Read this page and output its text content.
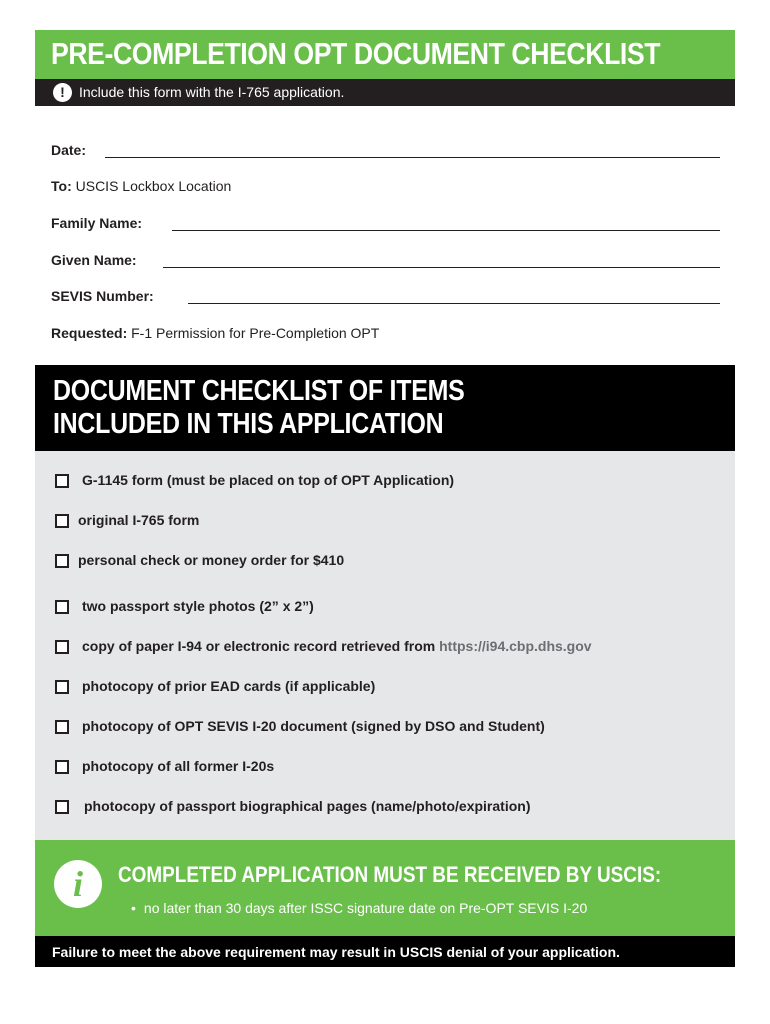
PRE-COMPLETION OPT DOCUMENT CHECKLIST
!	Include this form with the I-765 application.
Date:
To: USCIS Lockbox Location
Family Name:
Given Name:
SEVIS Number:
Requested: F-1 Permission for Pre-Completion OPT
DOCUMENT CHECKLIST OF ITEMS
INCLUDED IN THIS APPLICATION
G-1145 form (must be placed on top of OPT Application)
original I-765 form
personal check or money order for $410
two passport style photos (2” x 2”)
copy of paper I-94 or electronic record retrieved from https://i94.cbp.dhs.gov
photocopy of prior EAD cards (if applicable)
photocopy of OPT SEVIS I-20 document (signed by DSO and Student)
photocopy of all former I-20s
photocopy of passport biographical pages (name/photo/expiration)
i	COMPLETED APPLICATION MUST BE RECEIVED BY USCIS:
• no later than 30 days after ISSC signature date on Pre-OPT SEVIS I-20
Failure to meet the above requirement may result in USCIS denial of your application.
